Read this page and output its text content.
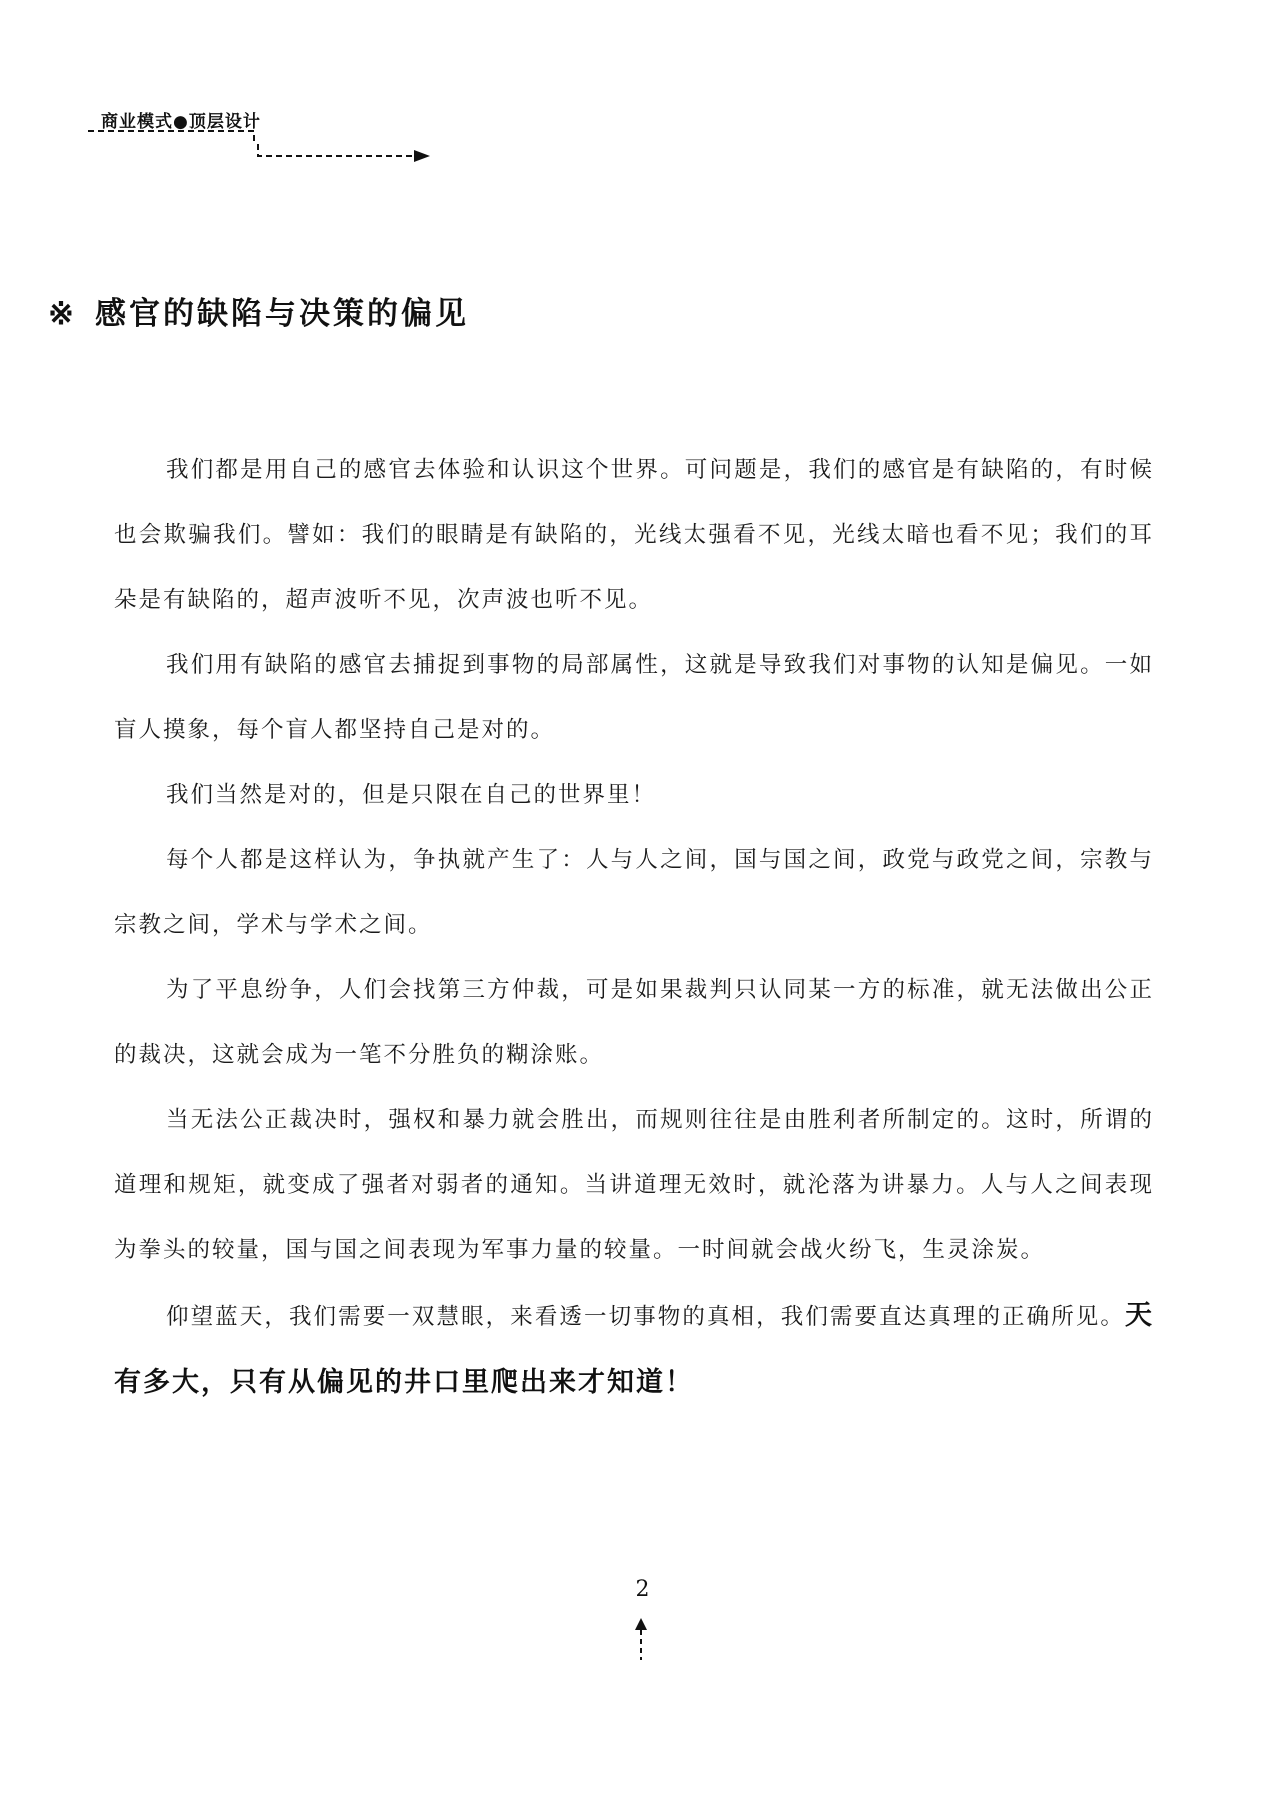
商业模式●顶层设计
※ 感官的缺陷与决策的偏见

我们都是用自己的感官去体验和认识这个世界。可问题是，我们的感官是有缺陷的，有时候也会欺骗我们。譬如：我们的眼睛是有缺陷的，光线太强看不见，光线太暗也看不见；我们的耳朵是有缺陷的，超声波听不见，次声波也听不见。

我们用有缺陷的感官去捕捉到事物的局部属性，这就是导致我们对事物的认知是偏见。一如盲人摸象，每个盲人都坚持自己是对的。

我们当然是对的，但是只限在自己的世界里！

每个人都是这样认为，争执就产生了：人与人之间，国与国之间，政党与政党之间，宗教与宗教之间，学术与学术之间。

为了平息纷争，人们会找第三方仲裁，可是如果裁判只认同某一方的标准，就无法做出公正的裁决，这就会成为一笔不分胜负的糊涂账。

当无法公正裁决时，强权和暴力就会胜出，而规则往往是由胜利者所制定的。这时，所谓的道理和规矩，就变成了强者对弱者的通知。当讲道理无效时，就沦落为讲暴力。人与人之间表现为拳头的较量，国与国之间表现为军事力量的较量。一时间就会战火纷飞，生灵涂炭。

仰望蓝天，我们需要一双慧眼，来看透一切事物的真相，我们需要直达真理的正确所见。天有多大，只有从偏见的井口里爬出来才知道！

2
